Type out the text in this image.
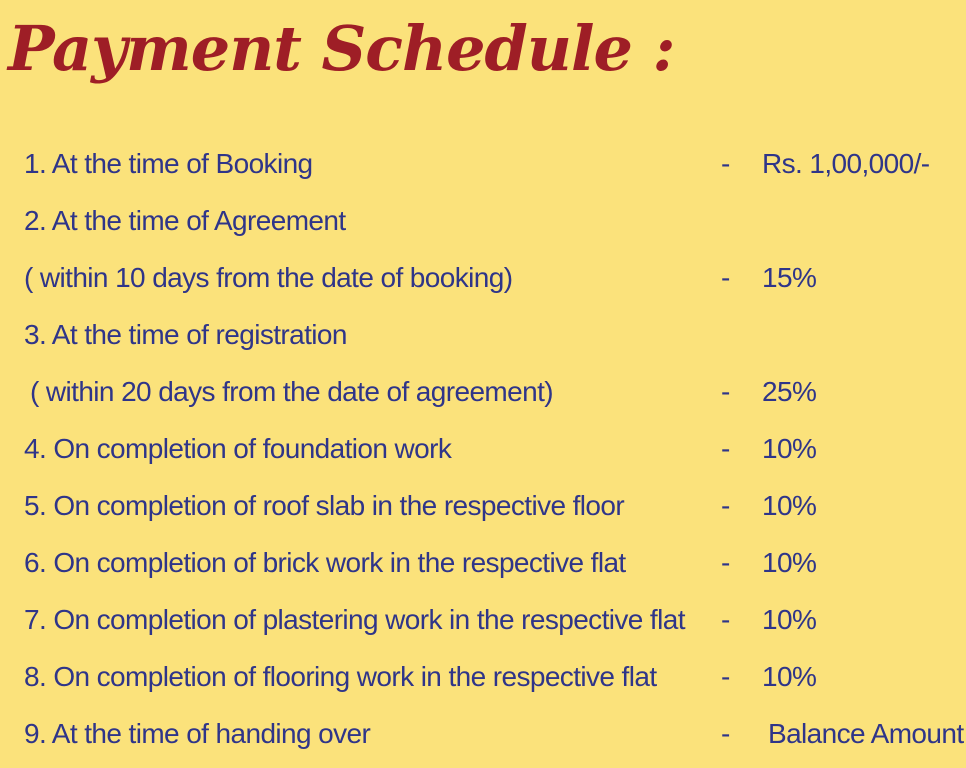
Payment Schedule :
1. At the time of Booking	- Rs. 1,00,000/-
2. At the time of Agreement
( within 10 days from the date of booking)	- 15%
3. At the time of registration
( within 20 days from the date of agreement)	- 25%
4. On completion of foundation work	- 10%
5. On completion of roof slab in the respective floor	- 10%
6. On completion of brick work in the respective flat	- 10%
7. On completion of plastering work in the respective flat - 10%
8. On completion of flooring work in the respective flat - 10%
9. At the time of handing over	- Balance Amount
